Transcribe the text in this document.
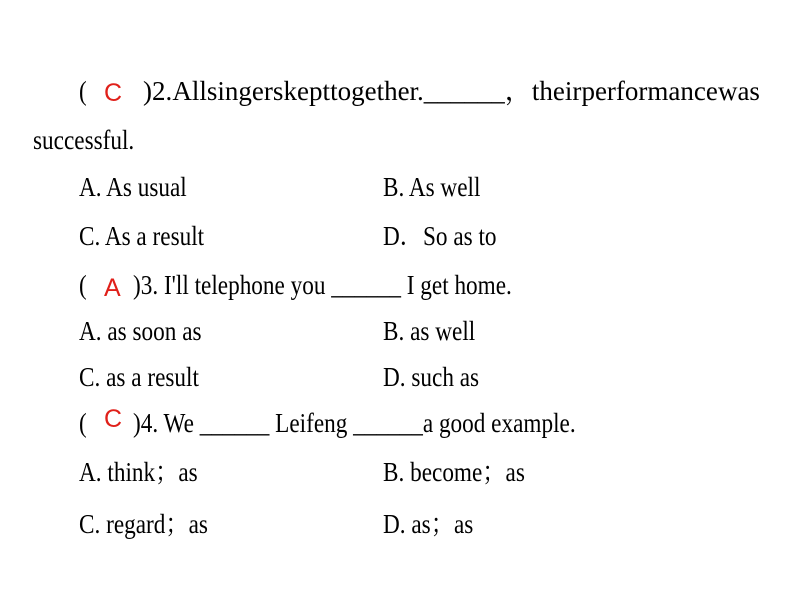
( C )2. All singers kept together.______， their performance was
successful.
A. As usual	B. As well
C. As a result	D．So as to
( A )3. I'll telephone you ______ I get home.
A. as soon as	B. as well
C. as a result	D. such as
( C )4. We ______ Leifeng ______a good example.
A. think；as	B. become；as
C. regard；as	D. as；as
